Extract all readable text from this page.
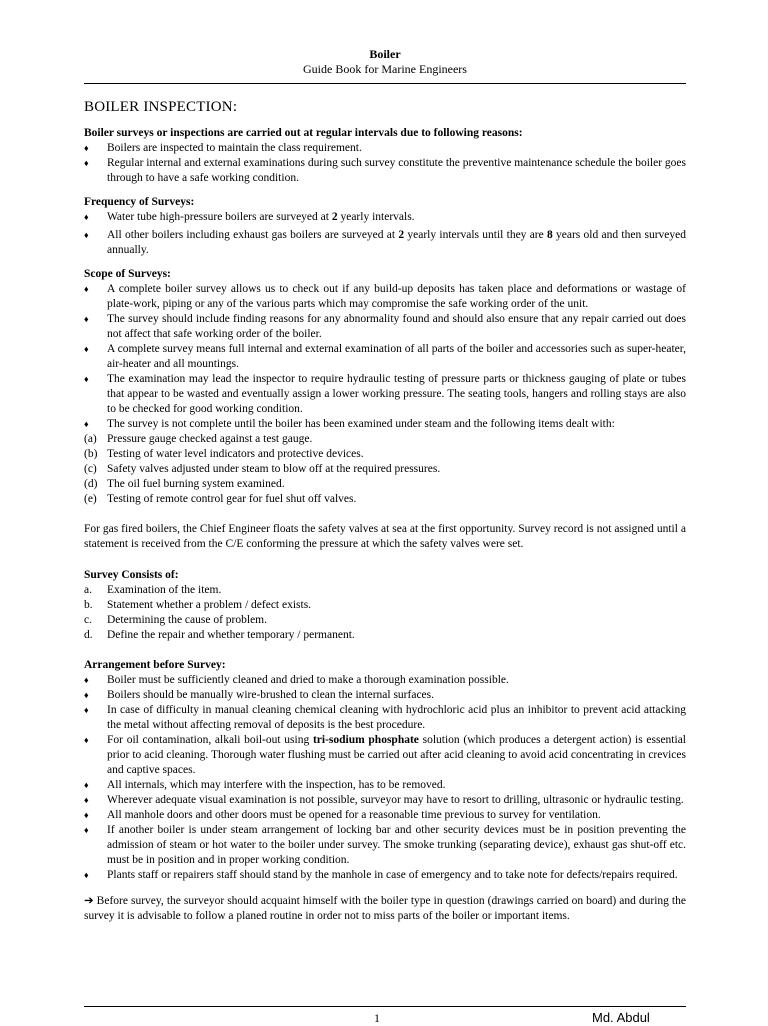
Boiler
Guide Book for Marine Engineers
BOILER INSPECTION:
Boiler surveys or inspections are carried out at regular intervals due to following reasons:
♦ Boilers are inspected to maintain the class requirement.
♦ Regular internal and external examinations during such survey constitute the preventive maintenance schedule the boiler goes through to have a safe working condition.
Frequency of Surveys:
♦ Water tube high-pressure boilers are surveyed at 2 yearly intervals.
♦ All other boilers including exhaust gas boilers are surveyed at 2 yearly intervals until they are 8 years old and then surveyed annually.
Scope of Surveys:
♦ A complete boiler survey allows us to check out if any build-up deposits has taken place and deformations or wastage of plate-work, piping or any of the various parts which may compromise the safe working order of the unit.
♦ The survey should include finding reasons for any abnormality found and should also ensure that any repair carried out does not affect that safe working order of the boiler.
♦ A complete survey means full internal and external examination of all parts of the boiler and accessories such as super-heater, air-heater and all mountings.
♦ The examination may lead the inspector to require hydraulic testing of pressure parts or thickness gauging of plate or tubes that appear to be wasted and eventually assign a lower working pressure. The seating tools, hangers and rolling stays are also to be checked for good working condition.
♦ The survey is not complete until the boiler has been examined under steam and the following items dealt with:
(a) Pressure gauge checked against a test gauge.
(b) Testing of water level indicators and protective devices.
(c) Safety valves adjusted under steam to blow off at the required pressures.
(d) The oil fuel burning system examined.
(e) Testing of remote control gear for fuel shut off valves.

For gas fired boilers, the Chief Engineer floats the safety valves at sea at the first opportunity. Survey record is not assigned until a statement is received from the C/E conforming the pressure at which the safety valves were set.

Survey Consists of:
a. Examination of the item.
b. Statement whether a problem / defect exists.
c. Determining the cause of problem.
d. Define the repair and whether temporary / permanent.
Arrangement before Survey:
♦ Boiler must be sufficiently cleaned and dried to make a thorough examination possible.
♦ Boilers should be manually wire-brushed to clean the internal surfaces.
♦ In case of difficulty in manual cleaning chemical cleaning with hydrochloric acid plus an inhibitor to prevent acid attacking the metal without affecting removal of deposits is the best procedure.
♦ For oil contamination, alkali boil-out using tri-sodium phosphate solution (which produces a detergent action) is essential prior to acid cleaning. Thorough water flushing must be carried out after acid cleaning to avoid acid concentrating in crevices and captive spaces.
♦ All internals, which may interfere with the inspection, has to be removed.
♦ Wherever adequate visual examination is not possible, surveyor may have to resort to drilling, ultrasonic or hydraulic testing.
♦ All manhole doors and other doors must be opened for a reasonable time previous to survey for ventilation.
♦ If another boiler is under steam arrangement of locking bar and other security devices must be in position preventing the admission of steam or hot water to the boiler under survey. The smoke trunking (separating device), exhaust gas shut-off etc. must be in position and in proper working condition.
♦ Plants staff or repairers staff should stand by the manhole in case of emergency and to take note for defects/repairs required.

➔ Before survey, the surveyor should acquaint himself with the boiler type in question (drawings carried on board) and during the survey it is advisable to follow a planed routine in order not to miss parts of the boiler or important items.

1	Md. Abdul
